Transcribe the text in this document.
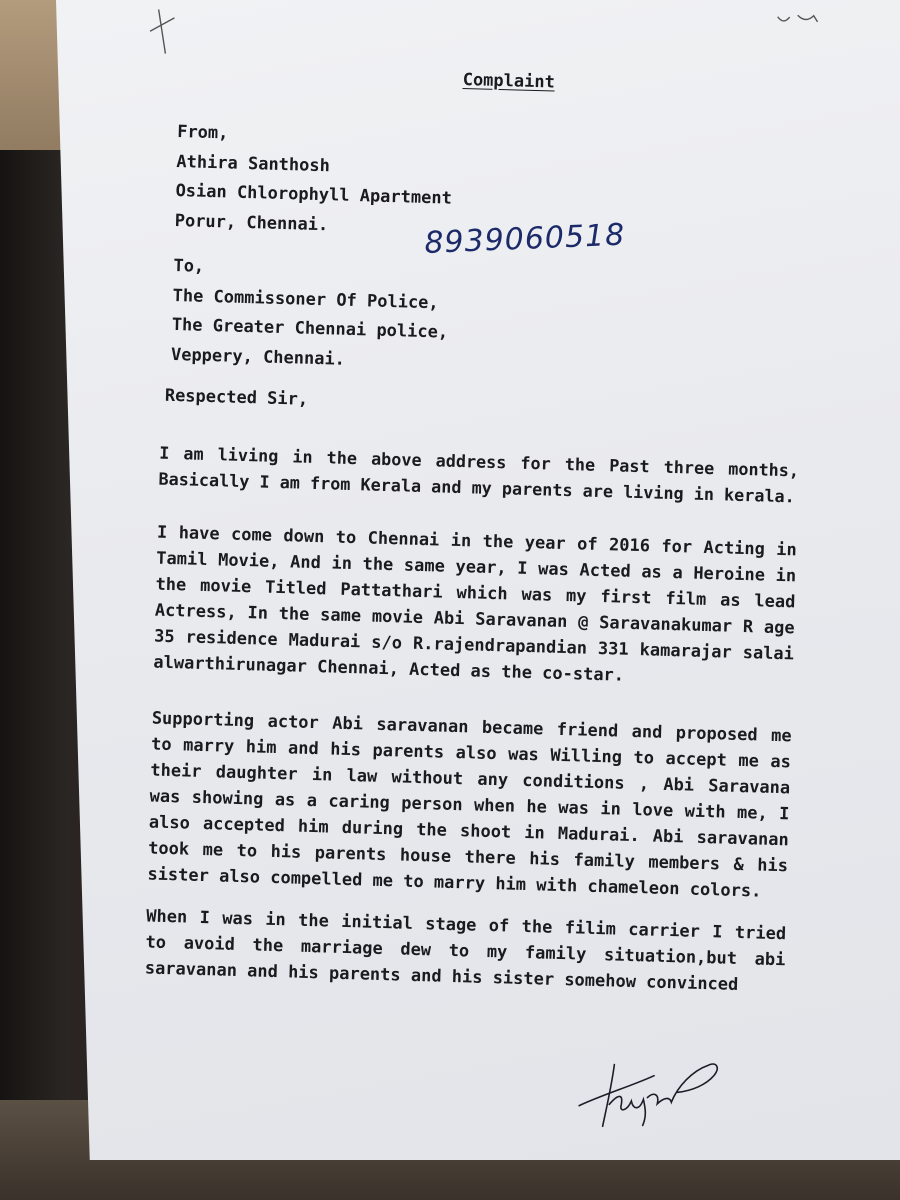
Complaint
From,
Athira Santhosh
Osian Chlorophyll Apartment
Porur, Chennai.	8939060518
To,
The Commissoner Of Police,
The Greater Chennai police,
Veppery, Chennai.
Respected Sir,
I am living in the above address for the Past three months, Basically I am from Kerala and my parents are living in kerala.
I have come down to Chennai in the year of 2016 for Acting in Tamil Movie, And in the same year, I was Acted as a Heroine in the movie Titled Pattathari which was my first film as lead Actress, In the same movie Abi Saravanan @ Saravanakumar R age 35 residence Madurai s/o R.rajendrapandian 331 kamarajar salai alwarthirunagar Chennai, Acted as the co-star.
Supporting actor Abi saravanan became friend and proposed me to marry him and his parents also was Willing to accept me as their daughter in law without any conditions , Abi Saravana was showing as a caring person when he was in love with me, I also accepted him during the shoot in Madurai. Abi saravanan took me to his parents house there his family members & his sister also compelled me to marry him with chameleon colors.
When I was in the initial stage of the filim carrier I tried to avoid the marriage dew to my family situation,but abi saravanan and his parents and his sister somehow convinced
